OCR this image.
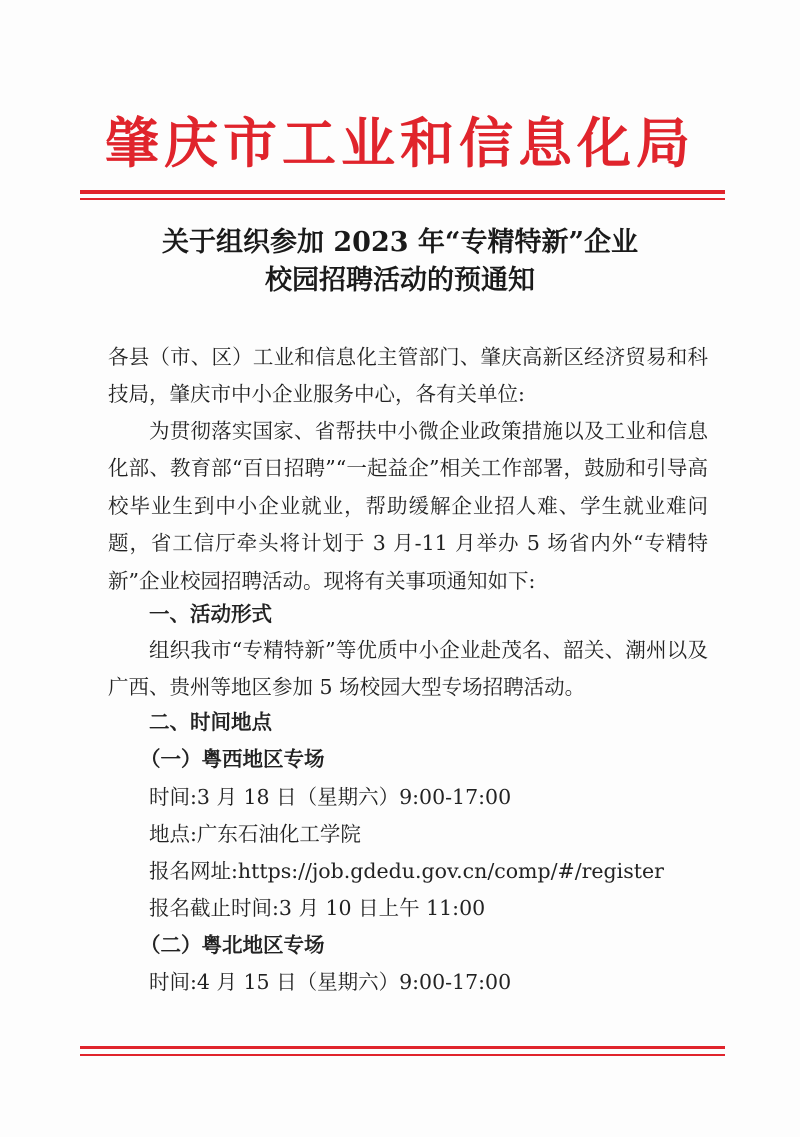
肇庆市工业和信息化局
关于组织参加 2023 年“专精特新”企业
校园招聘活动的预通知
各县（市、区）工业和信息化主管部门、肇庆高新区经济贸易和科技局，肇庆市中小企业服务中心，各有关单位:
为贯彻落实国家、省帮扶中小微企业政策措施以及工业和信息化部、教育部“百日招聘”“一起益企”相关工作部署，鼓励和引导高校毕业生到中小企业就业，帮助缓解企业招人难、学生就业难问题，省工信厅牵头将计划于 3 月-11 月举办 5 场省内外“专精特新”企业校园招聘活动。现将有关事项通知如下:
一、活动形式
组织我市“专精特新”等优质中小企业赴茂名、韶关、潮州以及广西、贵州等地区参加 5 场校园大型专场招聘活动。
二、时间地点
（一）粤西地区专场
时间:3 月 18 日（星期六）9:00-17:00
地点:广东石油化工学院
报名网址:https://job.gdedu.gov.cn/comp/#/register
报名截止时间:3 月 10 日上午 11:00
（二）粤北地区专场
时间:4 月 15 日（星期六）9:00-17:00
